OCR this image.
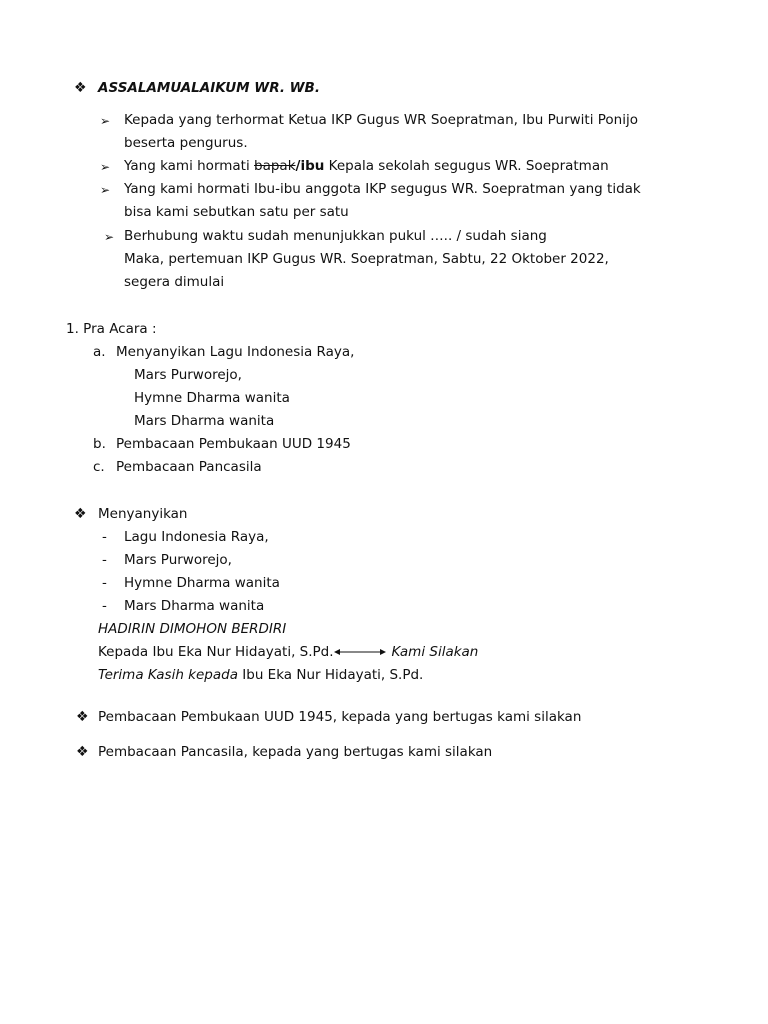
❖ ASSALAMUALAIKUM WR. WB.
➢ Kepada yang terhormat Ketua IKP Gugus WR Soepratman, Ibu Purwiti Ponijo
beserta pengurus.
➢ Yang kami hormati bapak/ibu Kepala sekolah segugus WR. Soepratman
➢ Yang kami hormati Ibu-ibu anggota IKP segugus WR. Soepratman yang tidak
bisa kami sebutkan satu per satu
➢ Berhubung waktu sudah menunjukkan pukul ….. / sudah siang
Maka, pertemuan IKP Gugus WR. Soepratman, Sabtu, 22 Oktober 2022,
segera dimulai
1. Pra Acara :
a. Menyanyikan Lagu Indonesia Raya,
Mars Purworejo,
Hymne Dharma wanita
Mars Dharma wanita
b. Pembacaan Pembukaan UUD 1945
c. Pembacaan Pancasila
❖ Menyanyikan
- Lagu Indonesia Raya,
- Mars Purworejo,
- Hymne Dharma wanita
- Mars Dharma wanita
HADIRIN DIMOHON BERDIRI
Kepada Ibu Eka Nur Hidayati, S.Pd.	Kami Silakan
Terima Kasih kepada Ibu Eka Nur Hidayati, S.Pd.
❖ Pembacaan Pembukaan UUD 1945, kepada yang bertugas kami silakan
❖ Pembacaan Pancasila, kepada yang bertugas kami silakan
